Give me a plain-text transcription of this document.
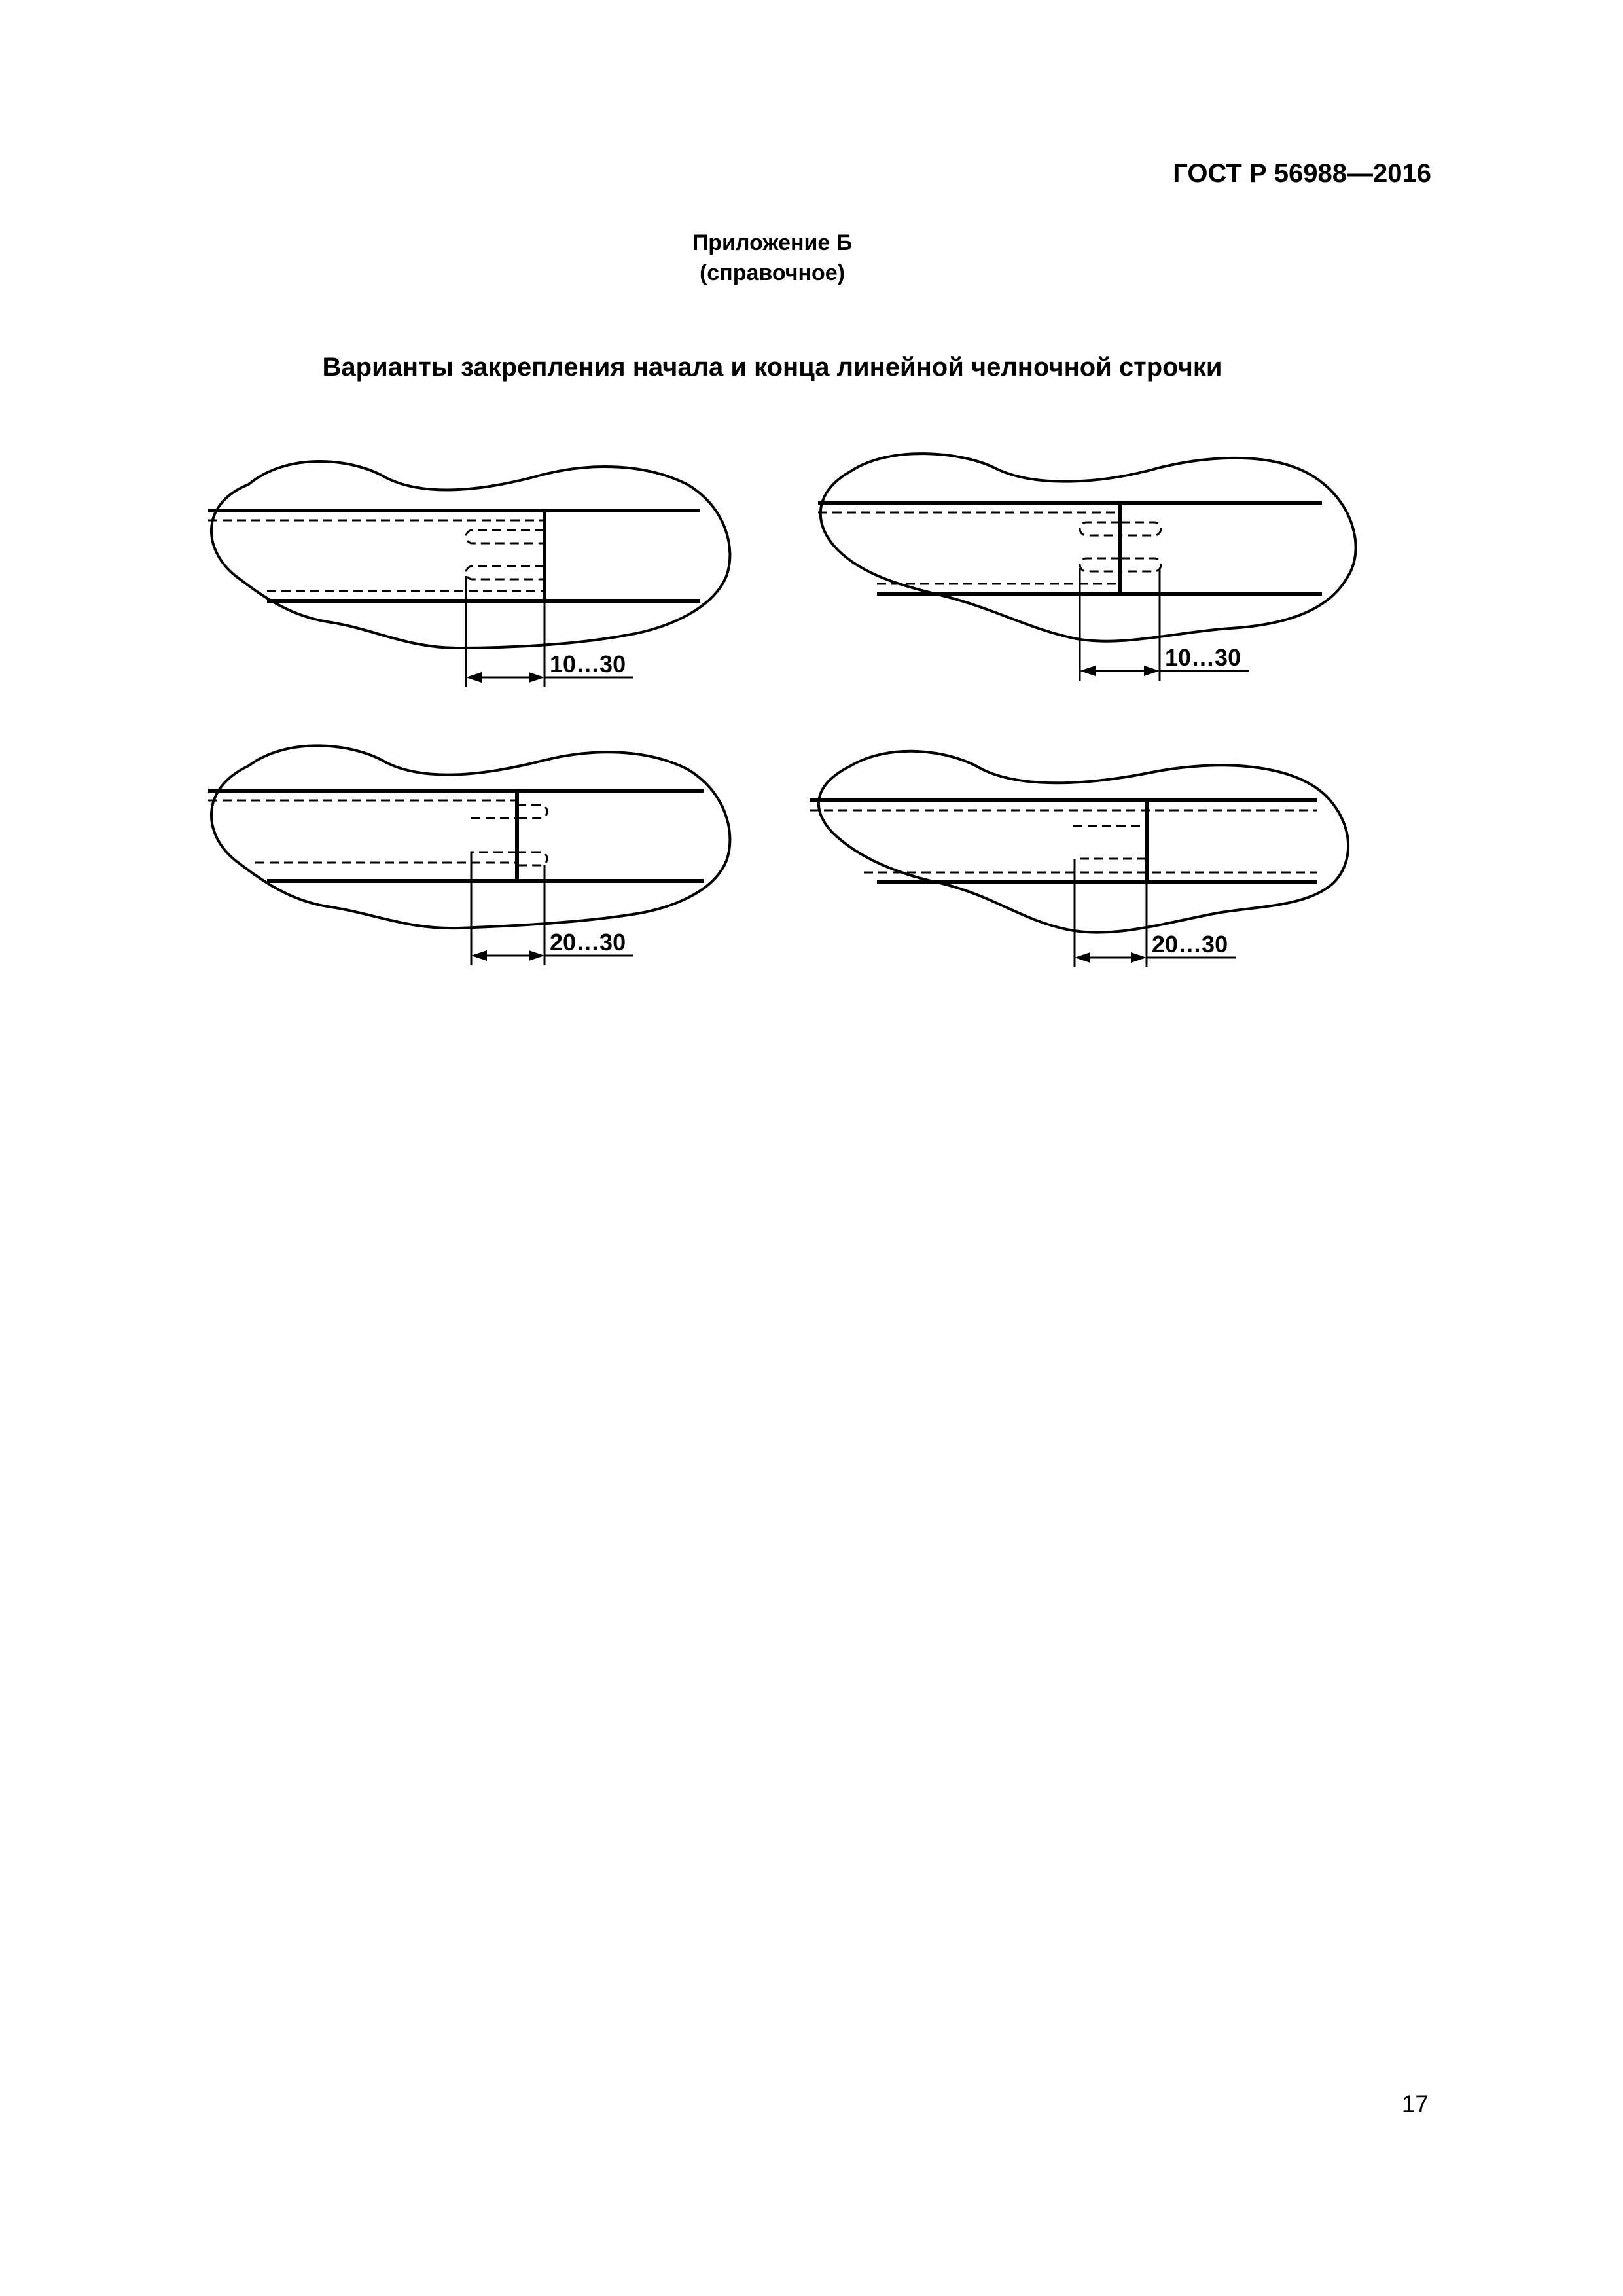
ГОСТ Р 56988—2016
Приложение Б
(справочное)
Варианты закрепления начала и конца линейной челночной строчки
10…30	10…30
20…30	20…30
17
